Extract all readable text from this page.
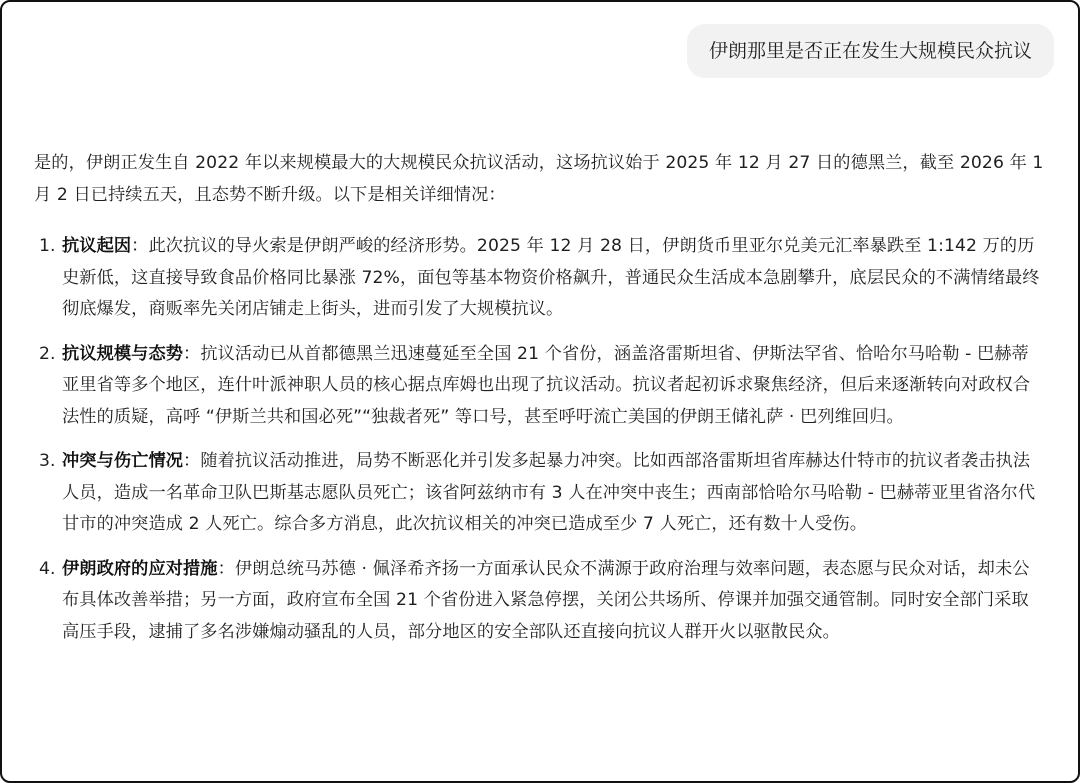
伊朗那里是否正在发生大规模民众抗议

是的，伊朗正发生自 2022 年以来规模最大的大规模民众抗议活动，这场抗议始于 2025 年 12 月 27 日的德黑兰，截至 2026 年 1 月 2 日已持续五天，且态势不断升级。以下是相关详细情况：

1. 抗议起因：此次抗议的导火索是伊朗严峻的经济形势。2025 年 12 月 28 日，伊朗货币里亚尔兑美元汇率暴跌至 1:142 万的历史新低，这直接导致食品价格同比暴涨 72%，面包等基本物资价格飙升，普通民众生活成本急剧攀升，底层民众的不满情绪最终彻底爆发，商贩率先关闭店铺走上街头，进而引发了大规模抗议。
2. 抗议规模与态势：抗议活动已从首都德黑兰迅速蔓延至全国 21 个省份，涵盖洛雷斯坦省、伊斯法罕省、恰哈尔马哈勒 - 巴赫蒂亚里省等多个地区，连什叶派神职人员的核心据点库姆也出现了抗议活动。抗议者起初诉求聚焦经济，但后来逐渐转向对政权合法性的质疑，高呼 “伊斯兰共和国必死”“独裁者死” 等口号，甚至呼吁流亡美国的伊朗王储礼萨 · 巴列维回归。
3. 冲突与伤亡情况：随着抗议活动推进，局势不断恶化并引发多起暴力冲突。比如西部洛雷斯坦省库赫达什特市的抗议者袭击执法人员，造成一名革命卫队巴斯基志愿队员死亡；该省阿兹纳市有 3 人在冲突中丧生；西南部恰哈尔马哈勒 - 巴赫蒂亚里省洛尔代甘市的冲突造成 2 人死亡。综合多方消息，此次抗议相关的冲突已造成至少 7 人死亡，还有数十人受伤。
4. 伊朗政府的应对措施：伊朗总统马苏德 · 佩泽希齐扬一方面承认民众不满源于政府治理与效率问题，表态愿与民众对话，却未公布具体改善举措；另一方面，政府宣布全国 21 个省份进入紧急停摆，关闭公共场所、停课并加强交通管制。同时安全部门采取高压手段，逮捕了多名涉嫌煽动骚乱的人员，部分地区的安全部队还直接向抗议人群开火以驱散民众。
